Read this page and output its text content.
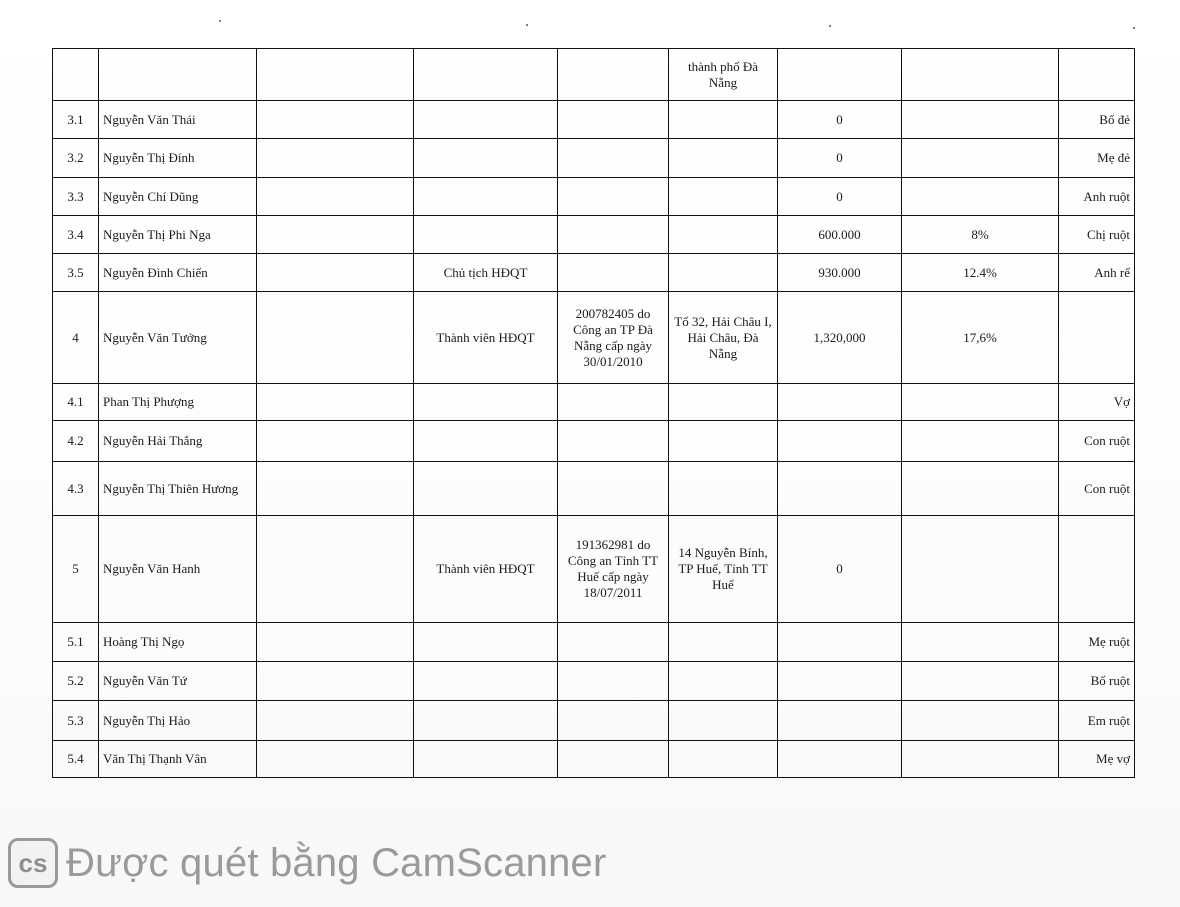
					thành phố Đà Nẵng			
3.1	Nguyễn Văn Thái					0		Bố đẻ
3.2	Nguyễn Thị Đính					0		Mẹ đẻ
3.3	Nguyễn Chí Dũng					0		Anh ruột
3.4	Nguyễn Thị Phi Nga					600.000	8%	Chị ruột
3.5	Nguyễn Đình Chiến		Chủ tịch HĐQT			930.000	12.4%	Anh rể
4	Nguyễn Văn Tưởng		Thành viên HĐQT	200782405 do Công an TP Đà Nẵng cấp ngày 30/01/2010	Tổ 32, Hải Châu I, Hải Châu, Đà Nẵng	1,320,000	17,6%	
4.1	Phan Thị Phượng							Vợ
4.2	Nguyễn Hải Thắng							Con ruột
4.3	Nguyễn Thị Thiên Hương							Con ruột
5	Nguyễn Văn Hanh		Thành viên HĐQT	191362981 do Công an Tỉnh TT Huế cấp ngày 18/07/2011	14 Nguyễn Bính, TP Huế, Tỉnh TT Huế	0		
5.1	Hoàng Thị Ngọ							Mẹ ruột
5.2	Nguyễn Văn Tứ							Bố ruột
5.3	Nguyễn Thị Hảo							Em ruột
5.4	Văn Thị Thạnh Vân							Mẹ vợ
cs Được quét bằng CamScanner
